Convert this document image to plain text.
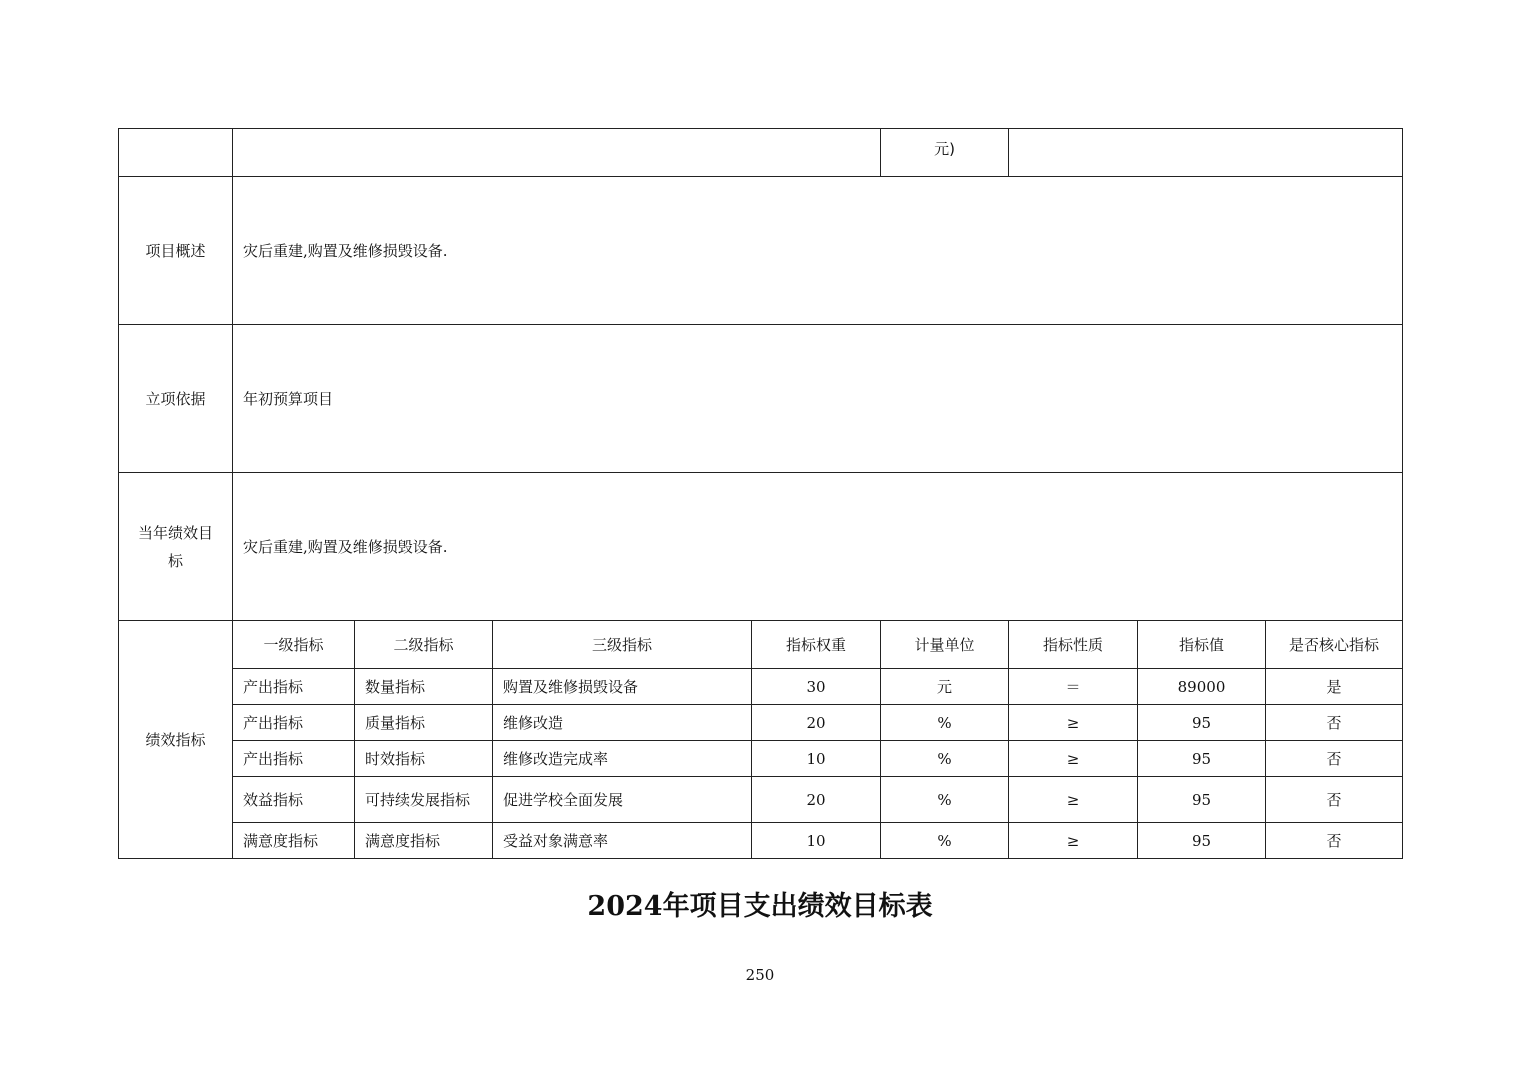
					元)			
项目概述	灾后重建,购置及维修损毁设备.							
立项依据	年初预算项目							

当年绩效目
标	灾后重建,购置及维修损毁设备.							
绩效指标	一级指标	二级指标	三级指标	指标权重	计量单位	指标性质	指标值	是否核心指标
	产出指标	数量指标	购置及维修损毁设备	30	元	＝	89000	是
	产出指标	质量指标	维修改造	20	%	≥	95	否
	产出指标	时效指标	维修改造完成率	10	%	≥	95	否
	效益指标	可持续发展指标	促进学校全面发展	20	%	≥	95	否
	满意度指标	满意度指标	受益对象满意率	10	%	≥	95	否
2024年项目支出绩效目标表
250
